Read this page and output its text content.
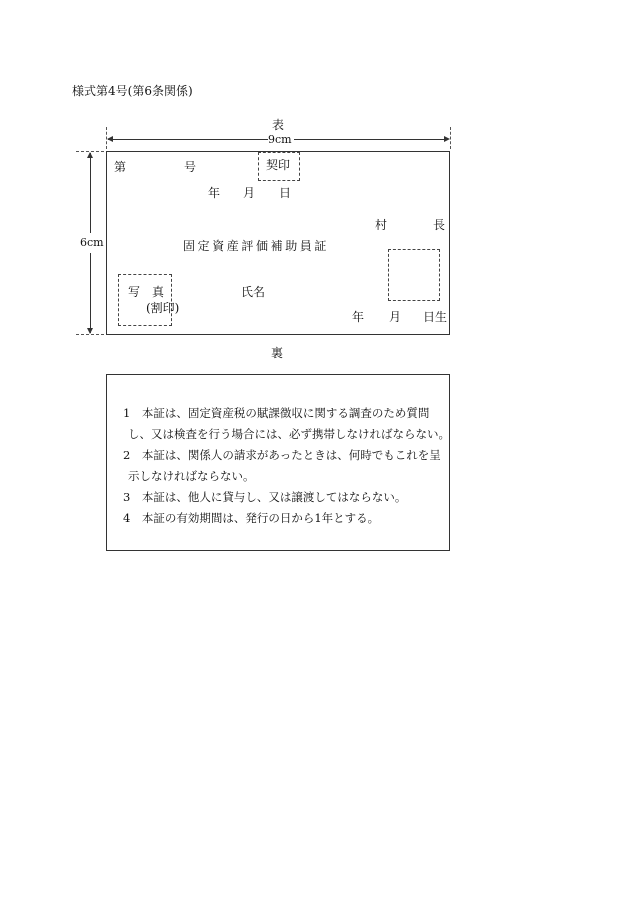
様式第4号(第6条関係)
表
9cm
6cm
第	号	契印
年 月 日
村	長
固定資産評価補助員証
写　真
(割印)
氏名
年 月 日生
裏
1　本証は、固定資産税の賦課徴収に関する調査のため質問
し、又は検査を行う場合には、必ず携帯しなければならない。
2　本証は、関係人の請求があったときは、何時でもこれを呈
示しなければならない。
3　本証は、他人に貸与し、又は譲渡してはならない。
4　本証の有効期間は、発行の日から1年とする。
